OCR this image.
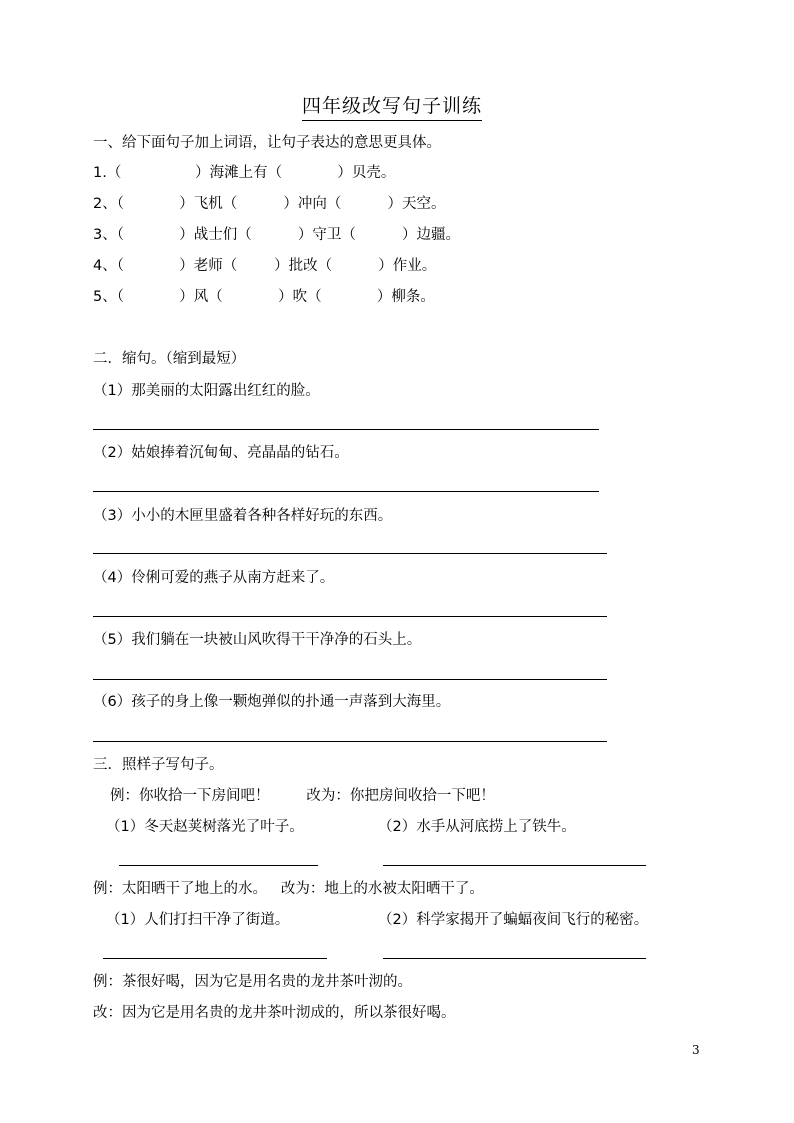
四年级改写句子训练
一、给下面句子加上词语，让句子表达的意思更具体。
1.（                ）海滩上有（            ）贝壳。
2、（            ）飞机（          ）冲向（          ）天空。
3、（            ）战士们（          ）守卫（          ）边疆。
4、（            ）老师（        ）批改（          ）作业。
5、（            ）风（            ）吹（            ）柳条。
二．缩句。（缩到最短）
（1）那美丽的太阳露出红红的脸。
（2）姑娘捧着沉甸甸、亮晶晶的钻石。
（3）小小的木匣里盛着各种各样好玩的东西。
（4）伶俐可爱的燕子从南方赶来了。
（5）我们躺在一块被山风吹得干干净净的石头上。
（6）孩子的身上像一颗炮弹似的扑通一声落到大海里。
三．照样子写句子。
例：你收拾一下房间吧！        改为：你把房间收拾一下吧！
（1）冬天赵荚树落光了叶子。	（2）水手从河底捞上了铁牛。
例：太阳晒干了地上的水。   改为：地上的水被太阳晒干了。
（1）人们打扫干净了街道。	（2）科学家揭开了蝙蝠夜间飞行的秘密。
例：茶很好喝，因为它是用名贵的龙井茶叶沏的。
改：因为它是用名贵的龙井茶叶沏成的，所以茶很好喝。
3
